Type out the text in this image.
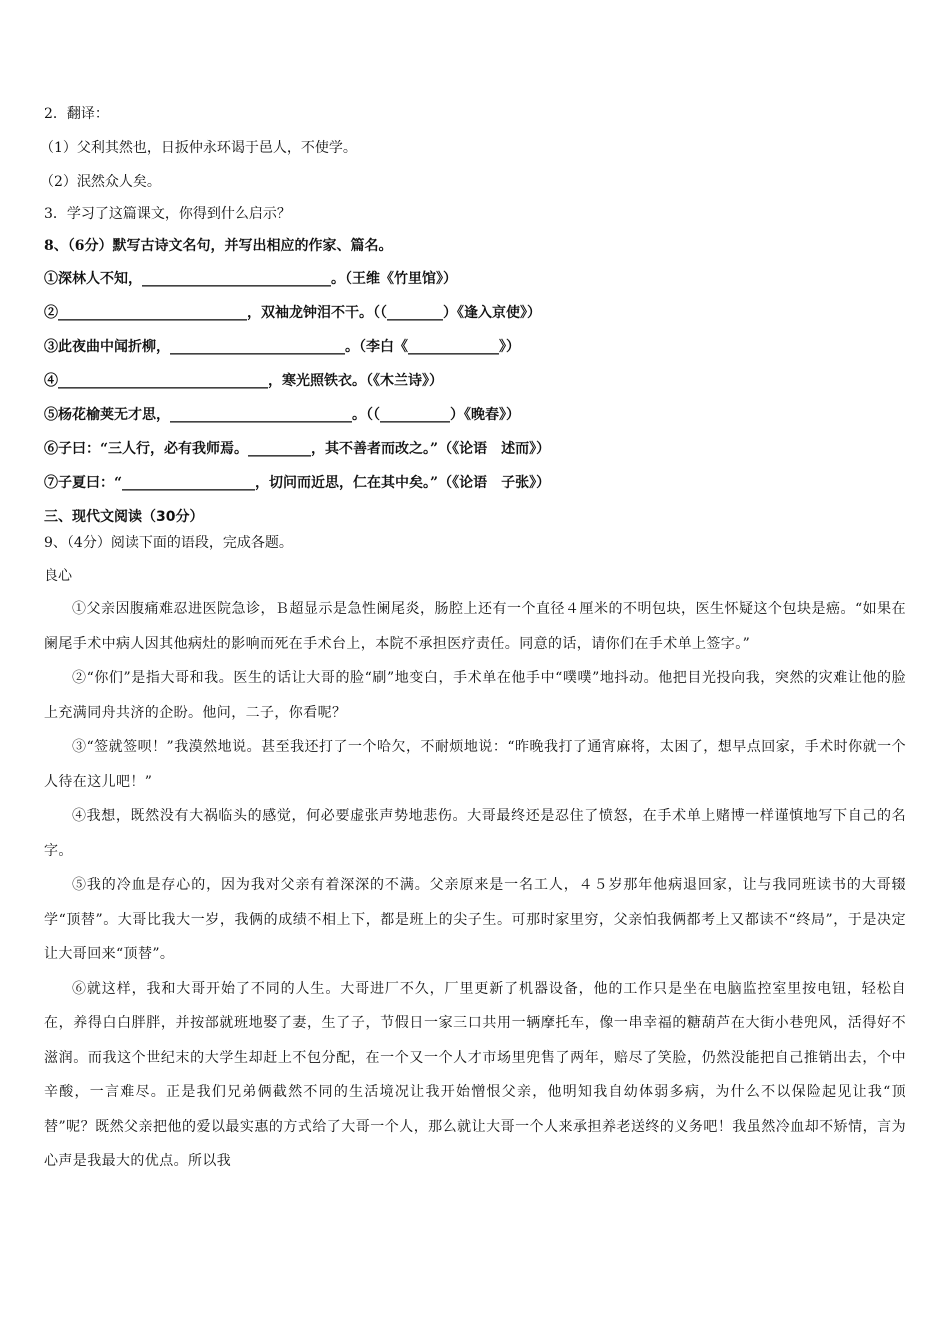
2．翻译：
（1）父利其然也，日扳仲永环谒于邑人，不使学。
（2）泯然众人矣。
3．学习了这篇课文，你得到什么启示？
8、（6分）默写古诗文名句，并写出相应的作家、篇名。
①深林人不知，___________________________。（王维《竹里馆》）
②___________________________，双袖龙钟泪不干。（（________）《逢入京使》）
③此夜曲中闻折柳，_________________________。（李白《_____________》）
④______________________________，寒光照铁衣。（《木兰诗》）
⑤杨花榆荚无才思，__________________________。（（__________）《晚春》）
⑥子曰：“三人行，必有我师焉。_________，其不善者而改之。”（《论语　述而》）
⑦子夏曰：“___________________，切问而近思，仁在其中矣。”（《论语　子张》）
三、现代文阅读（30分）
9、（4分）阅读下面的语段，完成各题。
良心

①父亲因腹痛难忍进医院急诊，Ｂ超显示是急性阑尾炎，肠腔上还有一个直径４厘米的不明包块，医生怀疑这个包块是癌。“如果在阑尾手术中病人因其他病灶的影响而死在手术台上，本院不承担医疗责任。同意的话，请你们在手术单上签字。”

②“你们”是指大哥和我。医生的话让大哥的脸“刷”地变白，手术单在他手中“噗噗”地抖动。他把目光投向我，突然的灾难让他的脸上充满同舟共济的企盼。他问，二子，你看呢？

③“签就签呗！”我漠然地说。甚至我还打了一个哈欠，不耐烦地说：“昨晚我打了通宵麻将，太困了，想早点回家，手术时你就一个人待在这儿吧！”

④我想，既然没有大祸临头的感觉，何必要虚张声势地悲伤。大哥最终还是忍住了愤怒，在手术单上赌博一样谨慎地写下自己的名字。

⑤我的冷血是存心的，因为我对父亲有着深深的不满。父亲原来是一名工人，４５岁那年他病退回家，让与我同班读书的大哥辍学“顶替”。大哥比我大一岁，我俩的成绩不相上下，都是班上的尖子生。可那时家里穷，父亲怕我俩都考上又都读不“终局”，于是决定让大哥回来“顶替”。

⑥就这样，我和大哥开始了不同的人生。大哥进厂不久，厂里更新了机器设备，他的工作只是坐在电脑监控室里按电钮，轻松自在，养得白白胖胖，并按部就班地娶了妻，生了子，节假日一家三口共用一辆摩托车，像一串幸福的糖葫芦在大街小巷兜风，活得好不滋润。而我这个世纪末的大学生却赶上不包分配，在一个又一个人才市场里兜售了两年，赔尽了笑脸，仍然没能把自己推销出去，个中辛酸，一言难尽。正是我们兄弟俩截然不同的生活境况让我开始憎恨父亲，他明知我自幼体弱多病，为什么不以保险起见让我“顶替”呢？既然父亲把他的爱以最实惠的方式给了大哥一个人，那么就让大哥一个人来承担养老送终的义务吧！我虽然冷血却不矫情，言为心声是我最大的优点。所以我
